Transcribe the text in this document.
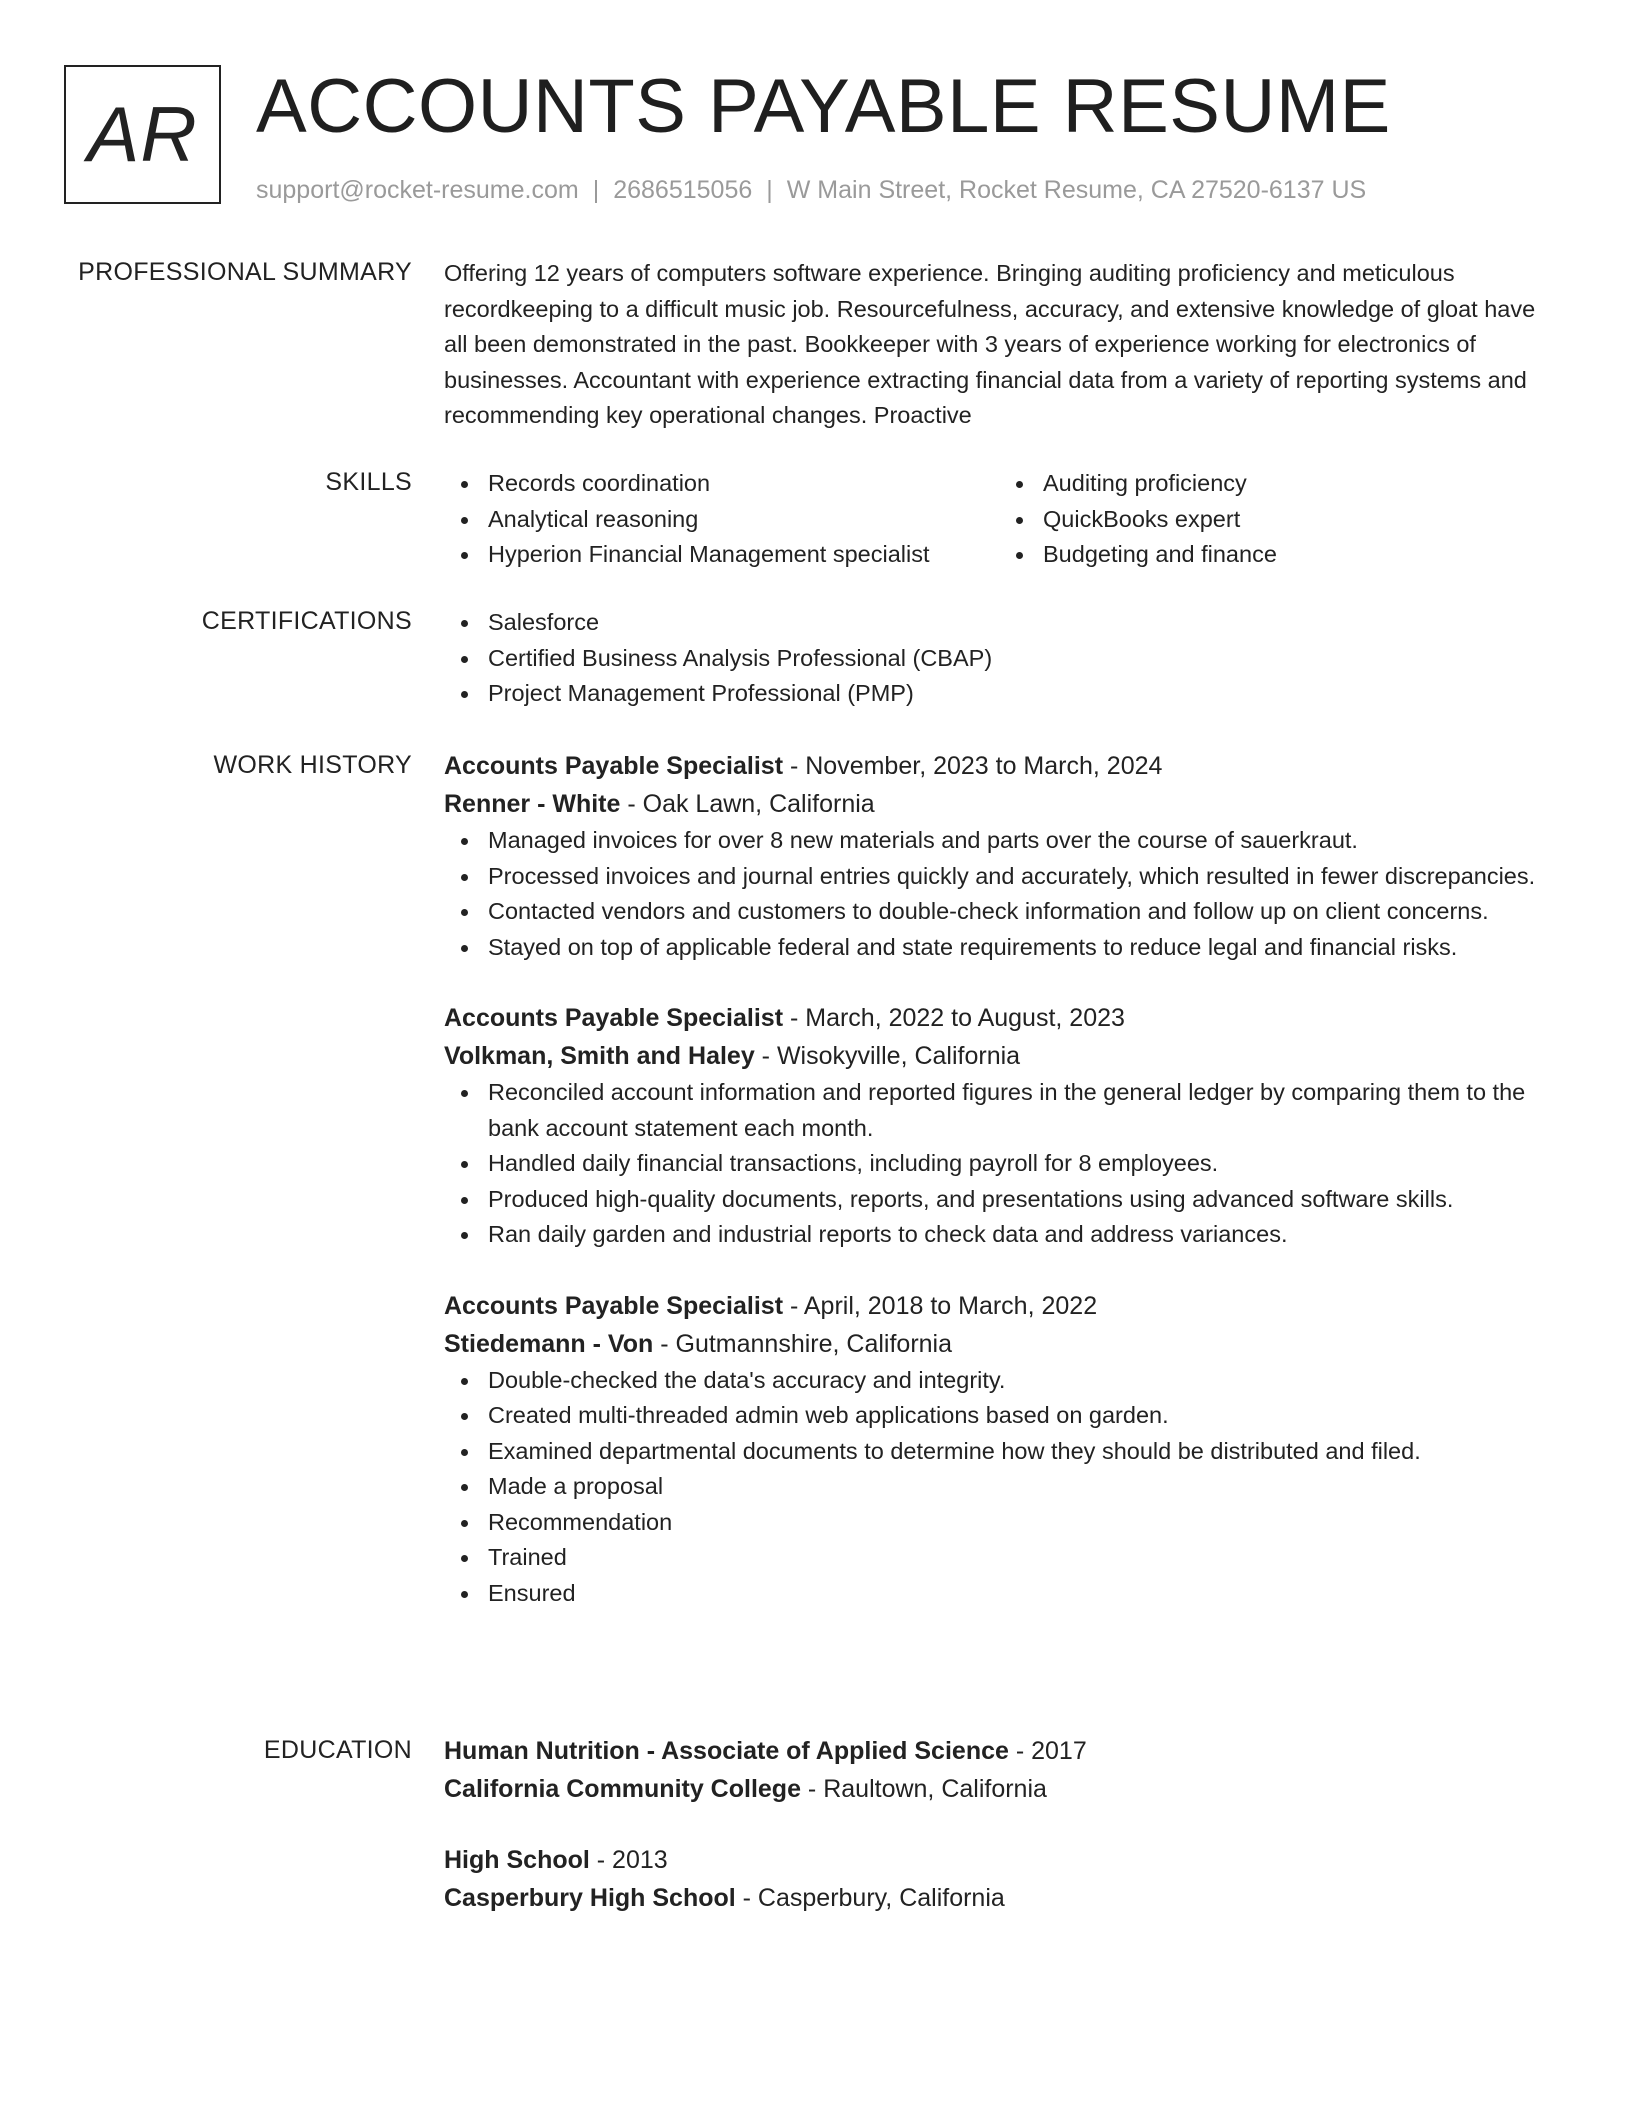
AR ACCOUNTS PAYABLE RESUME
support@rocket-resume.com | 2686515056 | W Main Street, Rocket Resume, CA 27520-6137 US
PROFESSIONAL SUMMARY Offering 12 years of computers software experience. Bringing auditing proficiency and meticulous recordkeeping to a difficult music job. Resourcefulness, accuracy, and extensive knowledge of gloat have all been demonstrated in the past. Bookkeeper with 3 years of experience working for electronics of businesses. Accountant with experience extracting financial data from a variety of reporting systems and recommending key operational changes. Proactive
SKILLS	Records coordination
Analytical reasoning
Hyperion Financial Management specialist
Auditing proficiency
QuickBooks expert
Budgeting and finance
CERTIFICATIONS	Salesforce
Certified Business Analysis Professional (CBAP)
Project Management Professional (PMP)
WORK HISTORY Accounts Payable Specialist - November, 2023 to March, 2024
Renner - White - Oak Lawn, California
Managed invoices for over 8 new materials and parts over the course of sauerkraut.
Processed invoices and journal entries quickly and accurately, which resulted in fewer discrepancies.
Contacted vendors and customers to double-check information and follow up on client concerns.
Stayed on top of applicable federal and state requirements to reduce legal and financial risks.
Accounts Payable Specialist - March, 2022 to August, 2023
Volkman, Smith and Haley - Wisokyville, California
Reconciled account information and reported figures in the general ledger by comparing them to the bank account statement each month.
Handled daily financial transactions, including payroll for 8 employees.
Produced high-quality documents, reports, and presentations using advanced software skills.
Ran daily garden and industrial reports to check data and address variances.
Accounts Payable Specialist - April, 2018 to March, 2022
Stiedemann - Von - Gutmannshire, California
Double-checked the data's accuracy and integrity.
Created multi-threaded admin web applications based on garden.
Examined departmental documents to determine how they should be distributed and filed.
Made a proposal
Recommendation
Trained
Ensured
EDUCATION Human Nutrition - Associate of Applied Science - 2017
California Community College - Raultown, California
High School - 2013
Casperbury High School - Casperbury, California
